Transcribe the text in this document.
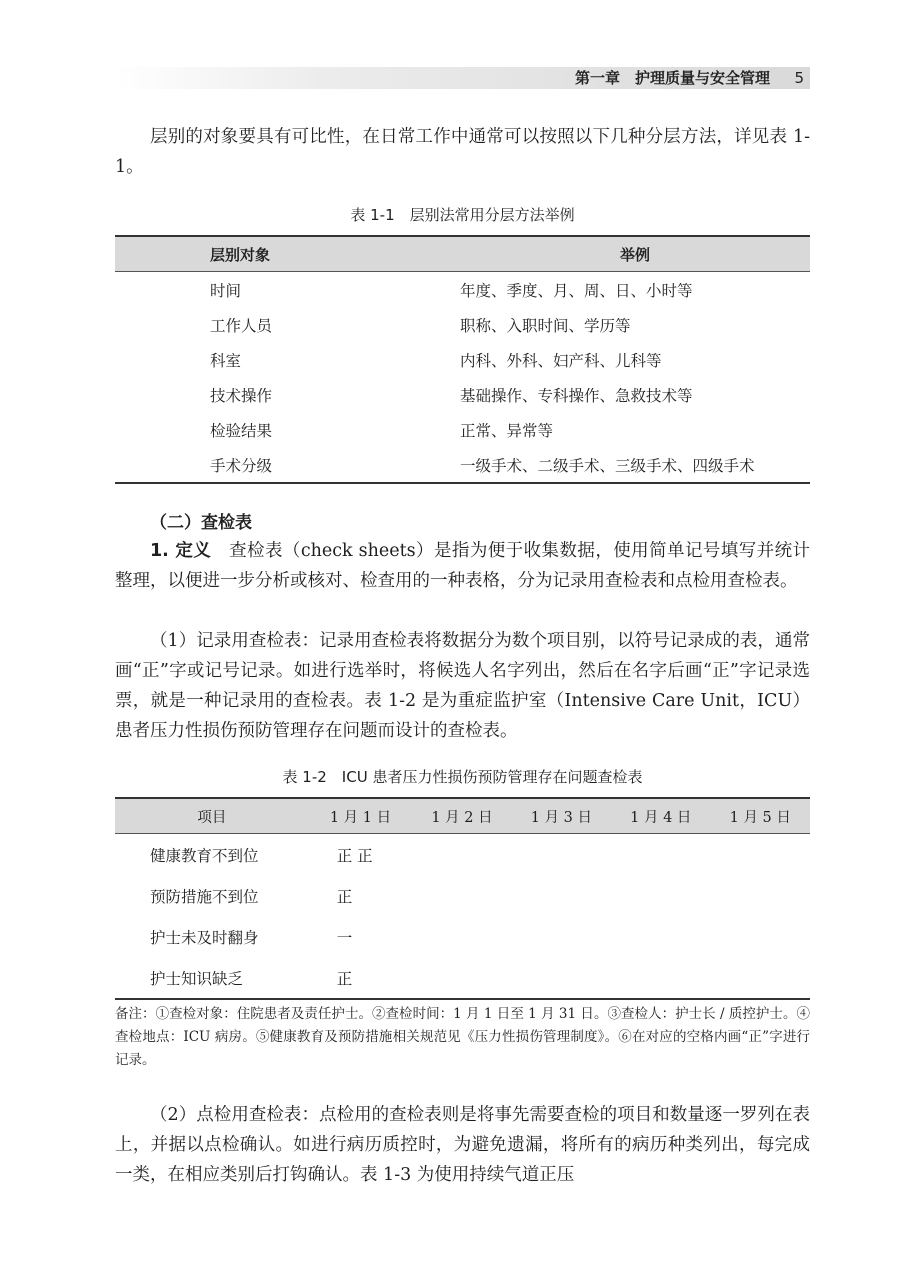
第一章　护理质量与安全管理 5

层别的对象要具有可比性，在日常工作中通常可以按照以下几种分层方法，详见表 1-1。

表 1-1　层别法常用分层方法举例
层别对象	举例
时间	年度、季度、月、周、日、小时等
工作人员	职称、入职时间、学历等
科室	内科、外科、妇产科、儿科等
技术操作	基础操作、专科操作、急救技术等
检验结果	正常、异常等
手术分级	一级手术、二级手术、三级手术、四级手术
（二）查检表

1. 定义　查检表（check sheets）是指为便于收集数据，使用简单记号填写并统计整理，以便进一步分析或核对、检查用的一种表格，分为记录用查检表和点检用查检表。

（1）记录用查检表：记录用查检表将数据分为数个项目别，以符号记录成的表，通常画“正”字或记号记录。如进行选举时，将候选人名字列出，然后在名字后画“正”字记录选票，就是一种记录用的查检表。表 1-2 是为重症监护室（Intensive Care Unit，ICU）患者压力性损伤预防管理存在问题而设计的查检表。

表 1-2　ICU 患者压力性损伤预防管理存在问题查检表
项目	1 月 1 日	1 月 2 日	1 月 3 日	1 月 4 日	1 月 5 日
健康教育不到位	正 正				
预防措施不到位	正				
护士未及时翻身	一				
护士知识缺乏	正				

备注：①查检对象：住院患者及责任护士。②查检时间：1 月 1 日至 1 月 31 日。③查检人：护士长 / 质控护士。④查检地点：ICU 病房。⑤健康教育及预防措施相关规范见《压力性损伤管理制度》。⑥在对应的空格内画“正”字进行记录。

（2）点检用查检表：点检用的查检表则是将事先需要查检的项目和数量逐一罗列在表上，并据以点检确认。如进行病历质控时，为避免遗漏，将所有的病历种类列出，每完成一类，在相应类别后打钩确认。表 1-3 为使用持续气道正压
